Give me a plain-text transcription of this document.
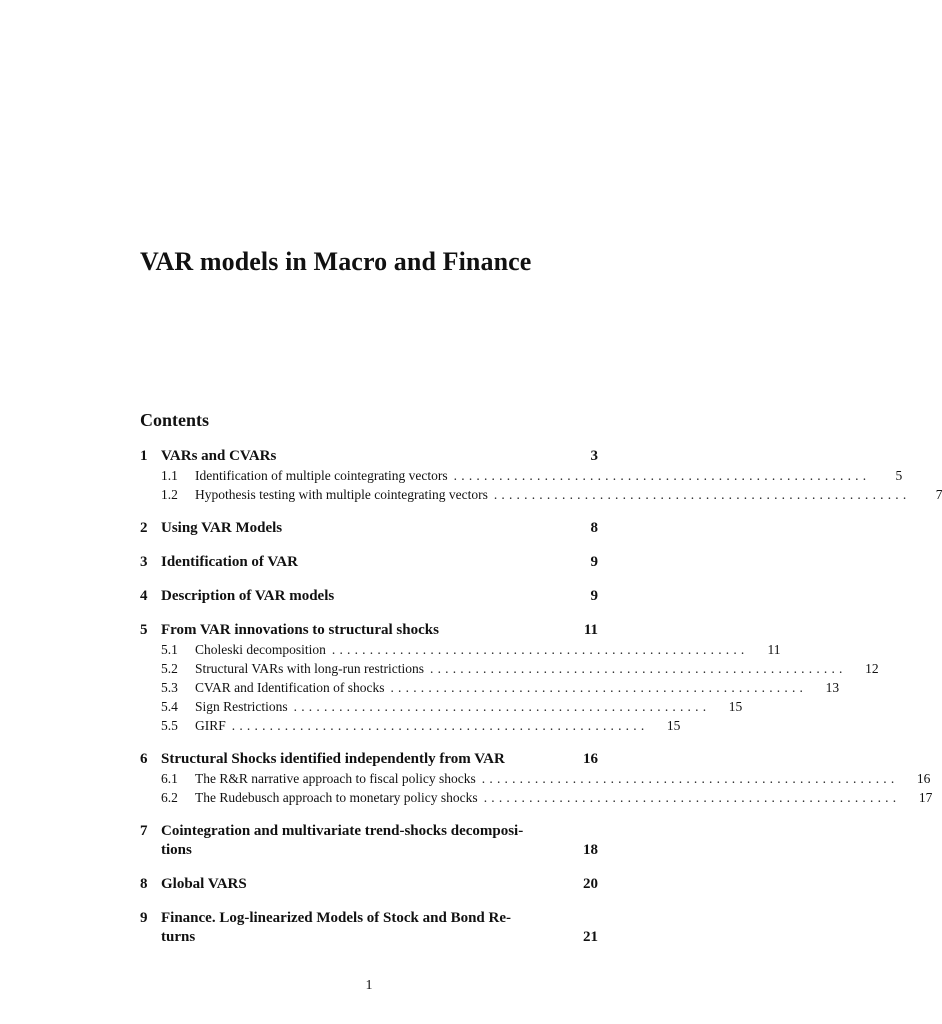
VAR models in Macro and Finance
Contents
1 VARs and CVARs	3
1.1	Identification of multiple cointegrating vectors .......................................................	5
1.2	Hypothesis testing with multiple cointegrating vectors .......................................................	7
2 Using VAR Models	8
3 Identification of VAR	9
4 Description of VAR models	9
5 From VAR innovations to structural shocks	11
5.1	Choleski decomposition .......................................................	11
5.2	Structural VARs with long-run restrictions .......................................................	12
5.3	CVAR and Identification of shocks .......................................................	13
5.4	Sign Restrictions .......................................................	15
5.5	GIRF .......................................................	15
6 Structural Shocks identified independently from VAR	16
6.1	The R&R narrative approach to fiscal policy shocks .......................................................	16
6.2	The Rudebusch approach to monetary policy shocks .......................................................	17
7 Cointegration and multivariate trend-shocks decomposi-
tions	18
8 Global VARS	20
9 Finance. Log-linearized Models of Stock and Bond Re-
turns	21
1
